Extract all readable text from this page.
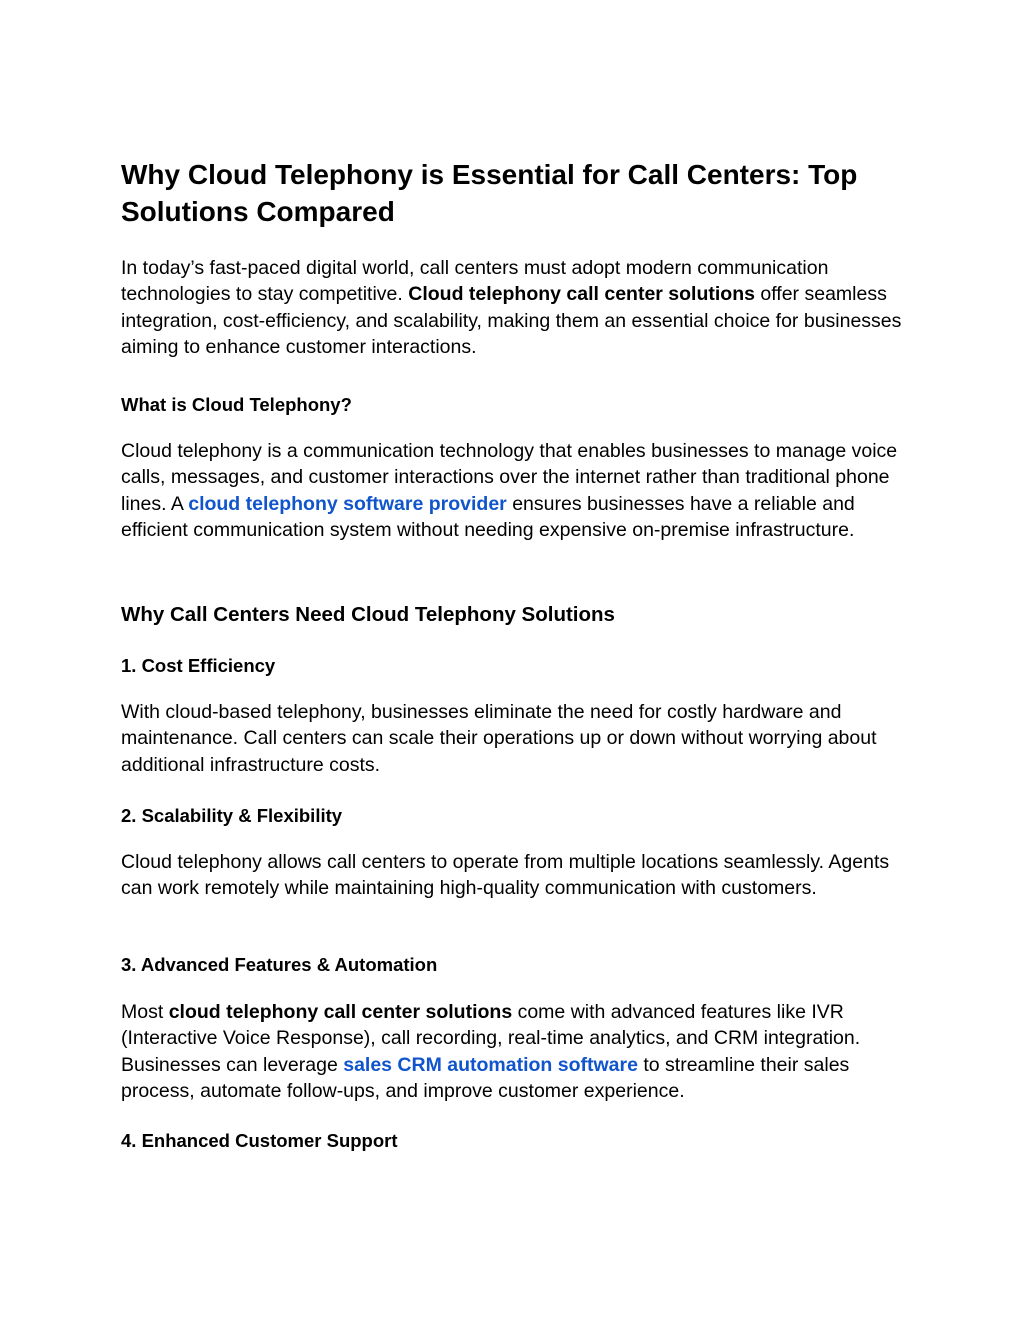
Why Cloud Telephony is Essential for Call Centers: Top Solutions Compared

In today’s fast-paced digital world, call centers must adopt modern communication technologies to stay competitive. Cloud telephony call center solutions offer seamless integration, cost-efficiency, and scalability, making them an essential choice for businesses aiming to enhance customer interactions.

What is Cloud Telephony?

Cloud telephony is a communication technology that enables businesses to manage voice calls, messages, and customer interactions over the internet rather than traditional phone lines. A cloud telephony software provider ensures businesses have a reliable and efficient communication system without needing expensive on-premise infrastructure.

Why Call Centers Need Cloud Telephony Solutions
1. Cost Efficiency

With cloud-based telephony, businesses eliminate the need for costly hardware and maintenance. Call centers can scale their operations up or down without worrying about additional infrastructure costs.

2. Scalability & Flexibility

Cloud telephony allows call centers to operate from multiple locations seamlessly. Agents can work remotely while maintaining high-quality communication with customers.

3. Advanced Features & Automation

Most cloud telephony call center solutions come with advanced features like IVR (Interactive Voice Response), call recording, real-time analytics, and CRM integration. Businesses can leverage sales CRM automation software to streamline their sales process, automate follow-ups, and improve customer experience.

4. Enhanced Customer Support
